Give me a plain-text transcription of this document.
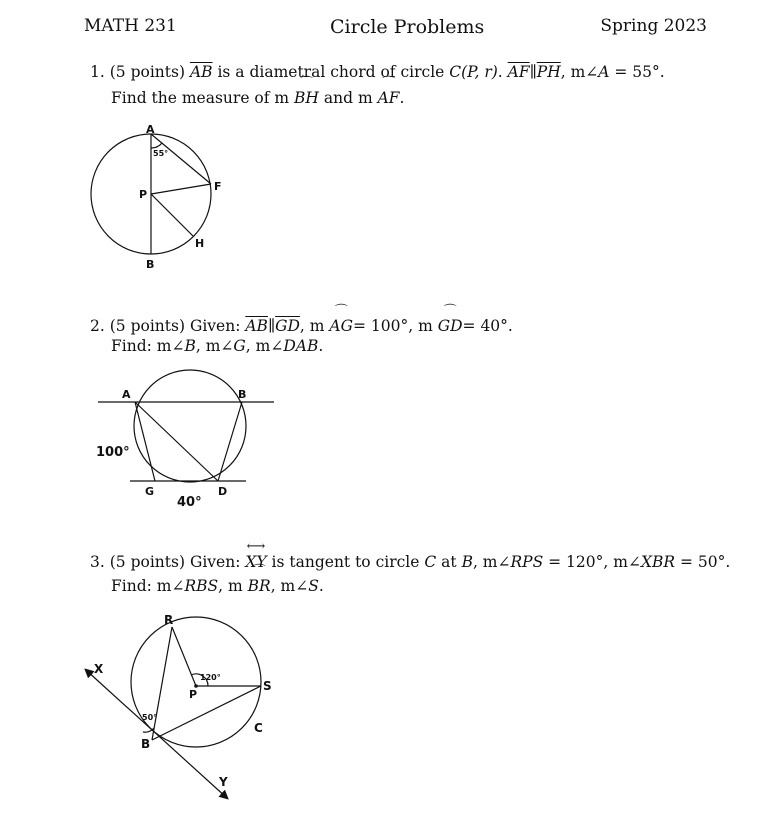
MATH 231	Circle Problems	Spring 2023
1. (5 points) $\overline{AB}$ is a diametral chord of circle C(P, r). $\overline{AF}\parallel\overline{PH}$, m∠A = 55°.
Find the measure of m ⌒ BH and m ⌒ AF.
2. (5 points) Given: $\overline{AB}\parallel\overline{GD}$, m ⌒ AG= 100°, m ⌒ GD= 40°.
Find: m∠B, m∠G, m∠DAB.
3. (5 points) Given: ⟷ XY is tangent to circle C at B, m∠RPS = 120°, m∠XBR = 50°.
Find: m∠RBS, m ⌒ BR, m∠S.
A
B
P
F
H
55°
A	B
G	D
100°
40°
X
Y
R
S
P
B
C
120°
50°
